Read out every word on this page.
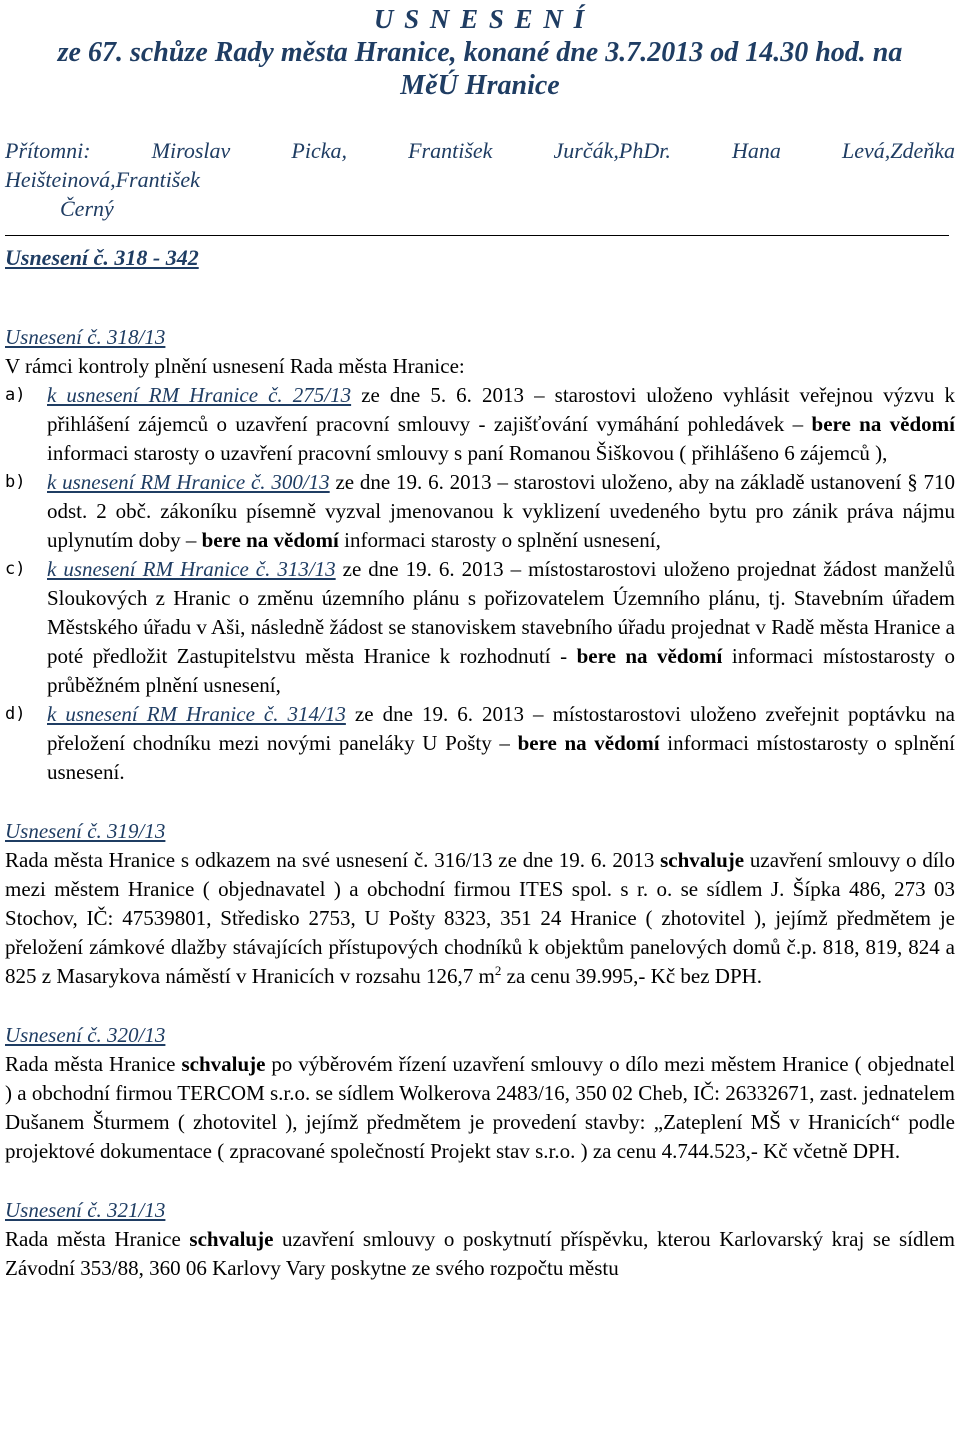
U S N E S E N Í
ze 67. schůze Rady města Hranice, konané dne 3.7.2013 od 14.30 hod. na
MěÚ Hranice
Přítomni:	Miroslav	Picka,	František	Jurčák,PhDr.	Hana	Levá,Zdeňka
Heišteinová,František
Černý
Usnesení č. 318 - 342
Usnesení č. 318/13

V rámci kontroly plnění usnesení Rada města Hranice:

a)	k usnesení RM Hranice č. 275/13 ze dne 5. 6. 2013 – starostovi uloženo vyhlásit veřejnou výzvu k přihlášení zájemců o uzavření pracovní smlouvy - zajišťování vymáhání pohledávek – bere na vědomí informaci starosty o uzavření pracovní smlouvy s paní Romanou Šiškovou ( přihlášeno 6 zájemců ),

b)	k usnesení RM Hranice č. 300/13 ze dne 19. 6. 2013 – starostovi uloženo, aby na základě ustanovení § 710 odst. 2 obč. zákoníku písemně vyzval jmenovanou k vyklizení uvedeného bytu pro zánik práva nájmu uplynutím doby – bere na vědomí informaci starosty o splnění usnesení,

c)	k usnesení RM Hranice č. 313/13 ze dne 19. 6. 2013 – místostarostovi uloženo projednat žádost manželů Sloukových z Hranic o změnu územního plánu s pořizovatelem Územního plánu, tj. Stavebním úřadem Městského úřadu v Aši, následně žádost se stanoviskem stavebního úřadu projednat v Radě města Hranice a poté předložit Zastupitelstvu města Hranice k rozhodnutí - bere na vědomí informaci místostarosty o průběžném plnění usnesení,

d)	k usnesení RM Hranice č. 314/13 ze dne 19. 6. 2013 – místostarostovi uloženo zveřejnit poptávku na přeložení chodníku mezi novými paneláky U Pošty – bere na vědomí informaci místostarosty o splnění usnesení.

Usnesení č. 319/13

Rada města Hranice s odkazem na své usnesení č. 316/13 ze dne 19. 6. 2013 schvaluje uzavření smlouvy o dílo mezi městem Hranice ( objednavatel ) a obchodní firmou ITES spol. s r. o. se sídlem J. Šípka 486, 273 03 Stochov, IČ: 47539801, Středisko 2753, U Pošty 8323, 351 24 Hranice ( zhotovitel ), jejímž předmětem je přeložení zámkové dlažby stávajících přístupových chodníků k objektům panelových domů č.p. 818, 819, 824 a 825 z Masarykova náměstí v Hranicích v rozsahu 126,7 $m^2$ za cenu 39.995,- Kč bez DPH.

Usnesení č. 320/13

Rada města Hranice schvaluje po výběrovém řízení uzavření smlouvy o dílo mezi městem Hranice ( objednatel ) a obchodní firmou TERCOM s.r.o. se sídlem Wolkerova 2483/16, 350 02 Cheb, IČ: 26332671, zast. jednatelem Dušanem Šturmem ( zhotovitel ), jejímž předmětem je provedení stavby: „Zateplení MŠ v Hranicích“ podle projektové dokumentace ( zpracované společností Projekt stav s.r.o. ) za cenu 4.744.523,- Kč včetně DPH.

Usnesení č. 321/13

Rada města Hranice schvaluje uzavření smlouvy o poskytnutí příspěvku, kterou Karlovarský kraj se sídlem Závodní 353/88, 360 06 Karlovy Vary poskytne ze svého rozpočtu městu
